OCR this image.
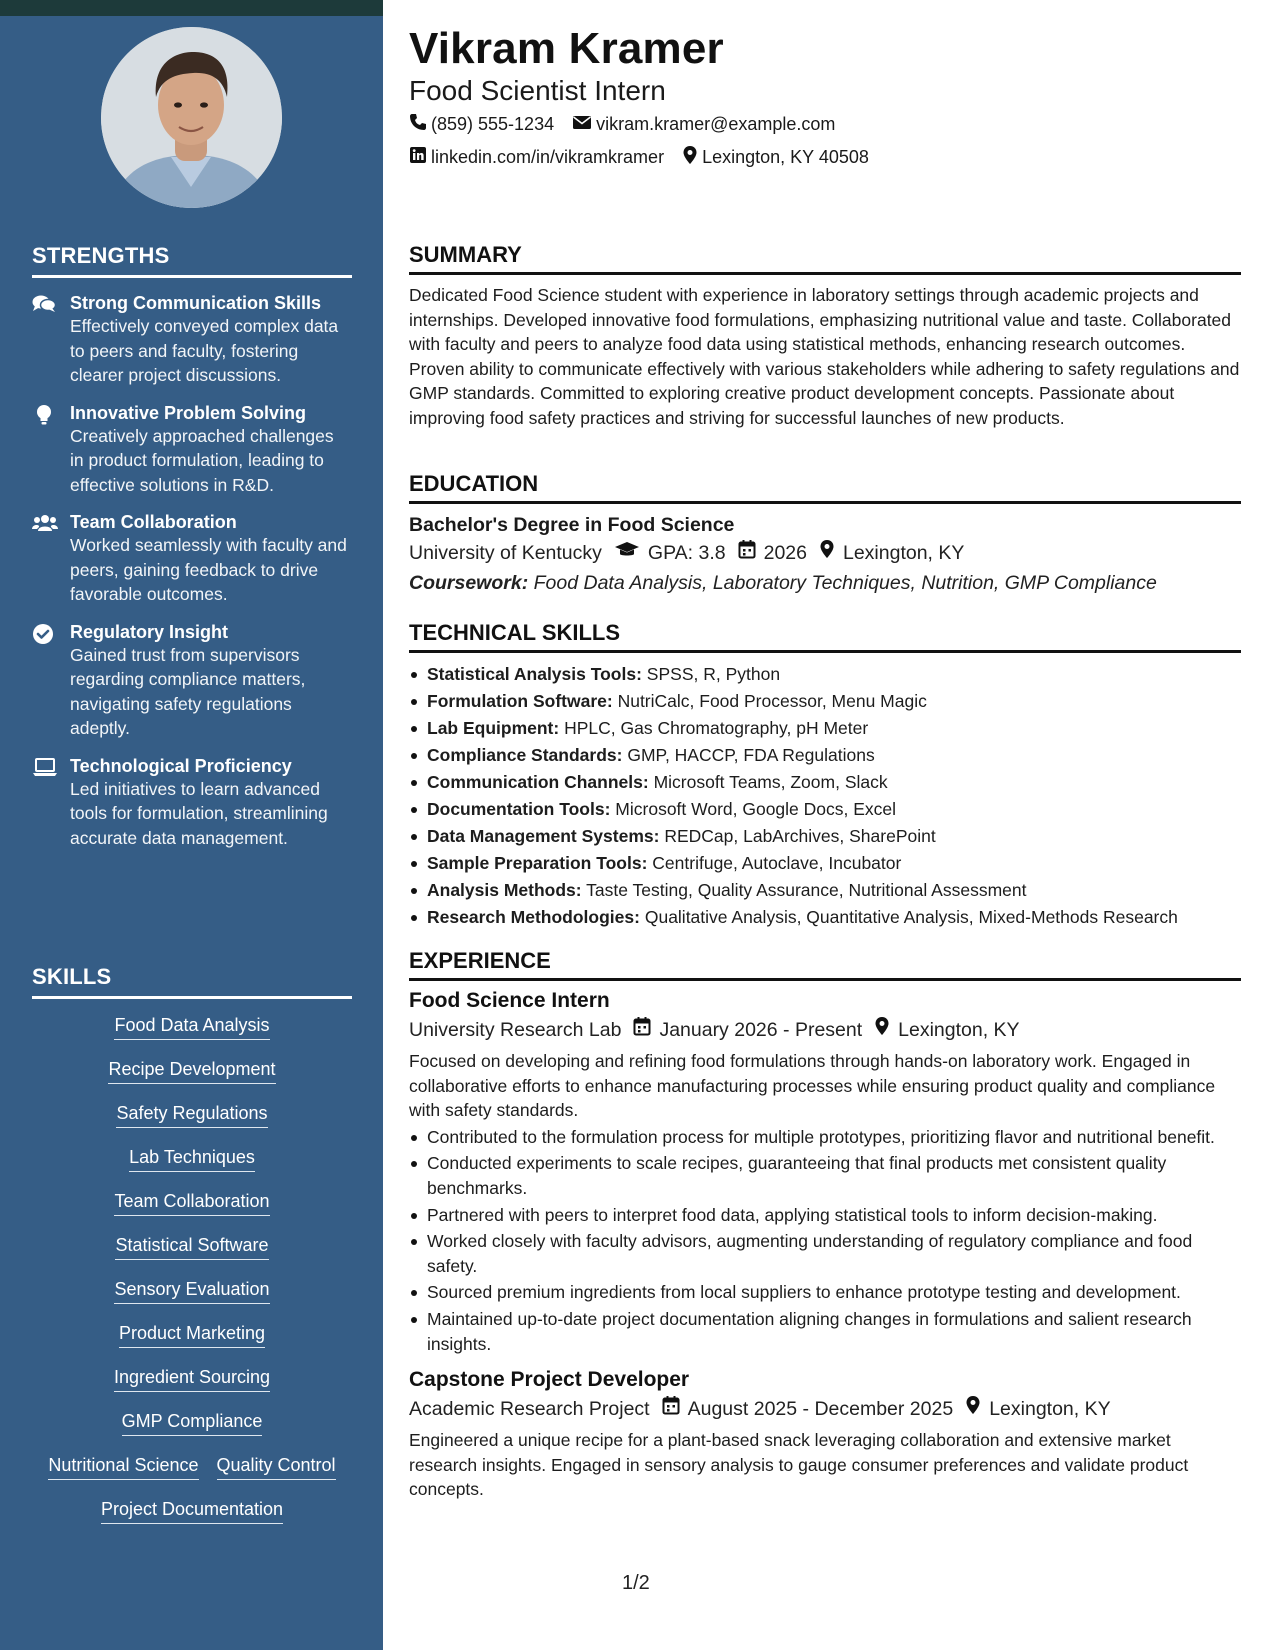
STRENGTHS
Strong Communication Skills
Effectively conveyed complex data to peers and faculty, fostering clearer project discussions.
Innovative Problem Solving
Creatively approached challenges in product formulation, leading to effective solutions in R&D.
Team Collaboration
Worked seamlessly with faculty and peers, gaining feedback to drive favorable outcomes.
Regulatory Insight
Gained trust from supervisors regarding compliance matters, navigating safety regulations adeptly.
Technological Proficiency
Led initiatives to learn advanced tools for formulation, streamlining accurate data management.
SKILLS
Food Data Analysis
Recipe Development
Safety Regulations
Lab Techniques
Team Collaboration
Statistical Software
Sensory Evaluation
Product Marketing
Ingredient Sourcing
GMP Compliance
Nutritional Science Quality Control
Project Documentation
Vikram Kramer
Food Scientist Intern
(859) 555-1234 vikram.kramer@example.com
linkedin.com/in/vikramkramer Lexington, KY 40508
SUMMARY
Dedicated Food Science student with experience in laboratory settings through academic projects and internships. Developed innovative food formulations, emphasizing nutritional value and taste. Collaborated with faculty and peers to analyze food data using statistical methods, enhancing research outcomes. Proven ability to communicate effectively with various stakeholders while adhering to safety regulations and GMP standards. Committed to exploring creative product development concepts. Passionate about improving food safety practices and striving for successful launches of new products.
EDUCATION
Bachelor's Degree in Food Science
University of Kentucky GPA: 3.8 2026 Lexington, KY
Coursework: Food Data Analysis, Laboratory Techniques, Nutrition, GMP Compliance
TECHNICAL SKILLS
Statistical Analysis Tools: SPSS, R, Python
Formulation Software: NutriCalc, Food Processor, Menu Magic
Lab Equipment: HPLC, Gas Chromatography, pH Meter
Compliance Standards: GMP, HACCP, FDA Regulations
Communication Channels: Microsoft Teams, Zoom, Slack
Documentation Tools: Microsoft Word, Google Docs, Excel
Data Management Systems: REDCap, LabArchives, SharePoint
Sample Preparation Tools: Centrifuge, Autoclave, Incubator
Analysis Methods: Taste Testing, Quality Assurance, Nutritional Assessment
Research Methodologies: Qualitative Analysis, Quantitative Analysis, Mixed-Methods Research
EXPERIENCE
Food Science Intern
University Research Lab January 2026 - Present Lexington, KY
Focused on developing and refining food formulations through hands-on laboratory work. Engaged in collaborative efforts to enhance manufacturing processes while ensuring product quality and compliance with safety standards.
Contributed to the formulation process for multiple prototypes, prioritizing flavor and nutritional benefit.
Conducted experiments to scale recipes, guaranteeing that final products met consistent quality benchmarks.
Partnered with peers to interpret food data, applying statistical tools to inform decision-making.
Worked closely with faculty advisors, augmenting understanding of regulatory compliance and food safety.
Sourced premium ingredients from local suppliers to enhance prototype testing and development.
Maintained up-to-date project documentation aligning changes in formulations and salient research insights.
Capstone Project Developer
Academic Research Project August 2025 - December 2025 Lexington, KY
Engineered a unique recipe for a plant-based snack leveraging collaboration and extensive market research insights. Engaged in sensory analysis to gauge consumer preferences and validate product concepts.
1/2
